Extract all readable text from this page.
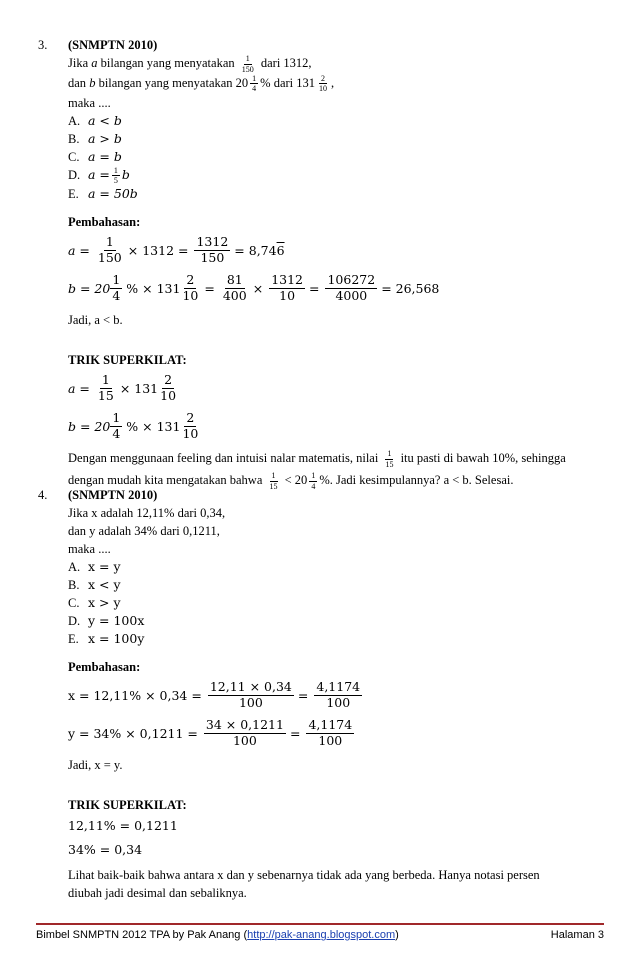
3. (SNMPTN 2010)
Jika a bilangan yang menyatakan $\frac{1}{150}$ dari 1312,
dan b bilangan yang menyatakan $20 \frac{1}{4}$ % dari $131 \frac{2}{10}$ ,
maka ....
A. a < b
B. a > b
C. a = b
D. $a = \frac{1}{5}$ b
E. a = 50b
Pembahasan:
$a = \frac{1}{150} \times 1312 = \frac{1312}{150} = 8,746$
$b = 20 \frac{1}{4}$ % × $131 \frac{2}{10} = \frac{81}{400} \times \frac{1312}{10} = \frac{106272}{4000} = 26,568$
Jadi, a < b.
TRIK SUPERKILAT:
$a = \frac{1}{15} \times 131 \frac{2}{10}$
$b = 20 \frac{1}{4}$ % × $131 \frac{2}{10}$
Dengan menggunaan feeling dan intuisi nalar matematis, nilai $\frac{1}{15}$ itu pasti di bawah 10%, sehingga
dengan mudah kita mengatakan bahwa $\frac{1}{15} < 20 \frac{1}{4}$ %. Jadi kesimpulannya? a < b. Selesai.
4. (SNMPTN 2010)
Jika x adalah 12,11% dari 0,34,
dan y adalah 34% dari 0,1211,
maka ....
A. x = y
B. x < y
C. x > y
D. y = 100x
E. x = 100y
Pembahasan:
$x = 12,11\% \times 0,34 = \frac{12,11 \times 0,34}{100} = \frac{4,1174}{100}$
$y = 34\% \times 0,1211 = \frac{34 \times 0,1211}{100} = \frac{4,1174}{100}$
Jadi, x = y.
TRIK SUPERKILAT:
12,11% = 0,1211
34% = 0,34
Lihat baik-baik bahwa antara x dan y sebenarnya tidak ada yang berbeda. Hanya notasi persen
diubah jadi desimal dan sebaliknya.
Bimbel SNMPTN 2012 TPA by Pak Anang (http://pak-anang.blogspot.com)	Halaman 3
